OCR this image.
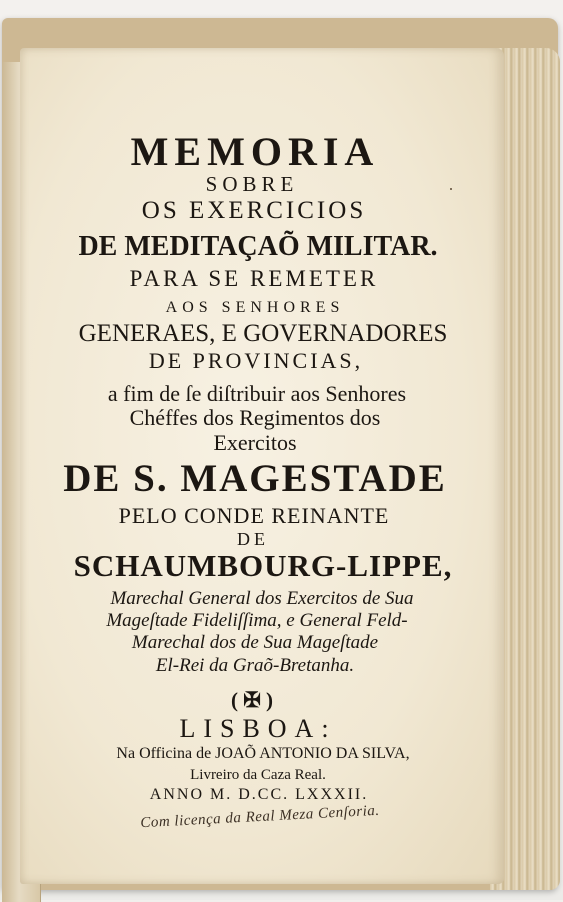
MEMORIA
SOBRE
OS EXERCICIOS
DE MEDITAÇAÕ MILITAR.
PARA SE REMETER
AOS SENHORES
GENERAES, E GOVERNADORES
DE PROVINCIAS,
a fim de ſe diſtribuir aos Senhores
Chéffes dos Regimentos dos
Exercitos
DE S. MAGESTADE
PELO CONDE REINANTE
DE
SCHAUMBOURG-LIPPE,
Marechal General dos Exercitos de Sua
Mageſtade Fideliſſima, e General Feld-
Marechal dos de Sua Mageſtade
El-Rei da Graõ-Bretanha.
( ✠ )
LISBOA:
Na Officina de JOAÕ ANTONIO DA SILVA,
Livreiro da Caza Real.
ANNO M. D.CC. LXXXII.
Com licença da Real Meza Cenſoria.
